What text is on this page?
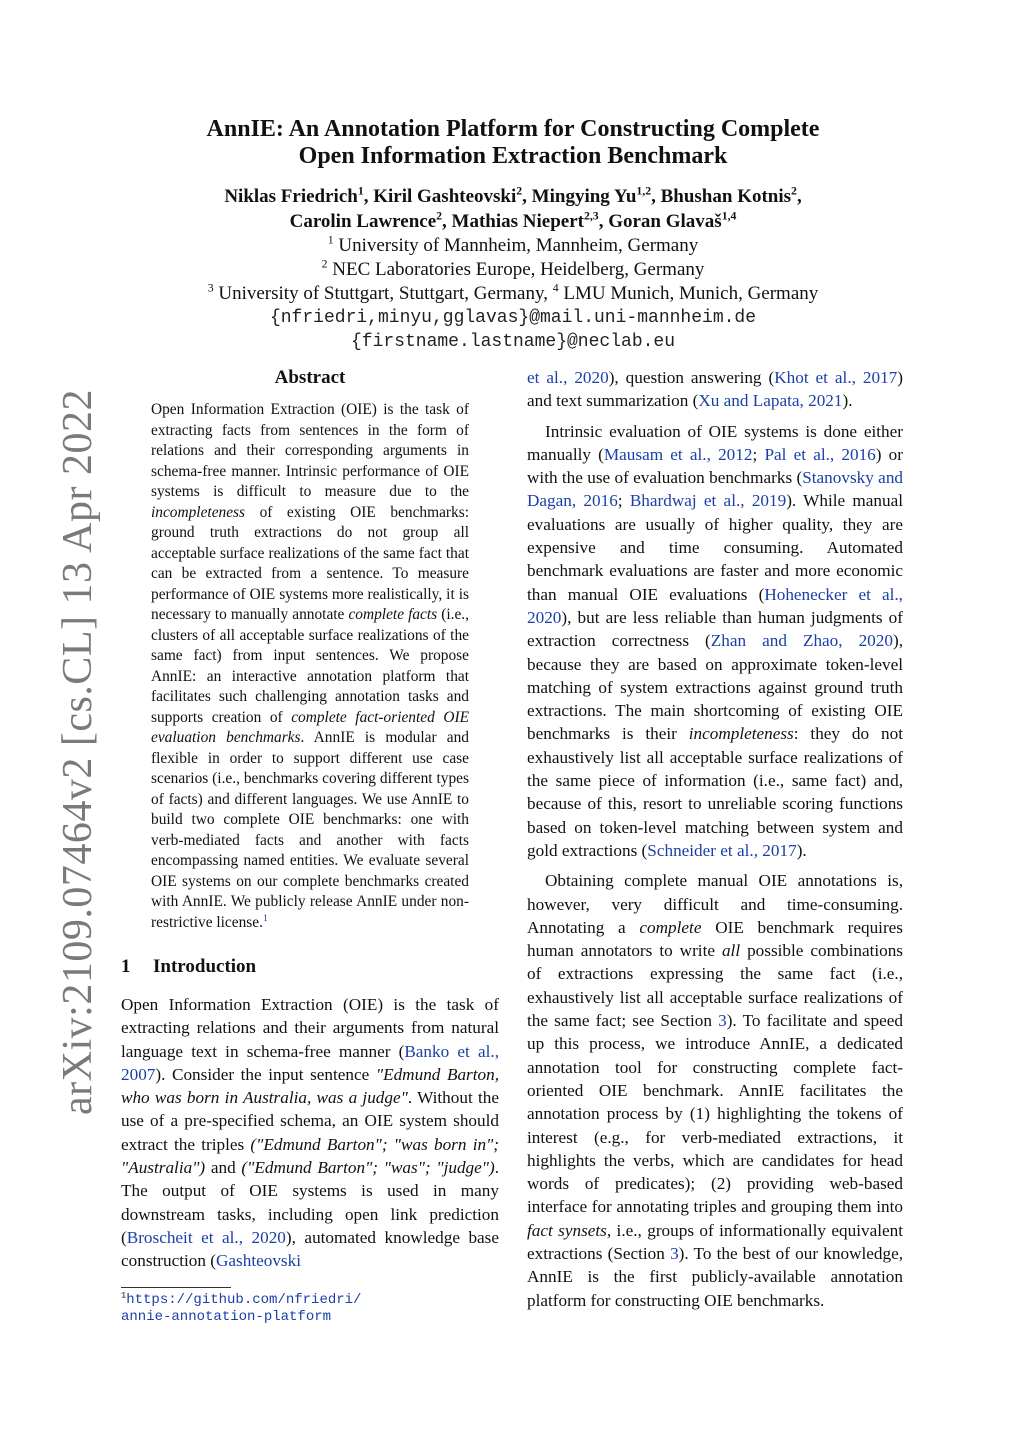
arXiv:2109.07464v2 [cs.CL] 13 Apr 2022
AnnIE: An Annotation Platform for Constructing Complete
Open Information Extraction Benchmark
Niklas Friedrich$^1$, Kiril Gashteovski$^2$, Mingying Yu$^{1,2}$, Bhushan Kotnis$^2$,
Carolin Lawrence$^2$, Mathias Niepert$^{2,3}$, Goran Glavaš$^{1,4}$
$^1$ University of Mannheim, Mannheim, Germany
$^2$ NEC Laboratories Europe, Heidelberg, Germany
$^3$ University of Stuttgart, Stuttgart, Germany, $^4$ LMU Munich, Munich, Germany
{nfriedri,minyu,gglavas}@mail.uni-mannheim.de
{firstname.lastname}@neclab.eu
Abstract
Open Information Extraction (OIE) is the task of extracting facts from sentences in the form of relations and their corresponding arguments in schema-free manner. Intrinsic performance of OIE systems is difficult to measure due to the incompleteness of existing OIE benchmarks: ground truth extractions do not group all acceptable surface realizations of the same fact that can be extracted from a sentence. To measure performance of OIE systems more realistically, it is necessary to manually annotate complete facts (i.e., clusters of all acceptable surface realizations of the same fact) from input sentences. We propose AnnIE: an interactive annotation platform that facilitates such challenging annotation tasks and supports creation of complete fact-oriented OIE evaluation benchmarks. AnnIE is modular and flexible in order to support different use case scenarios (i.e., benchmarks covering different types of facts) and different languages. We use AnnIE to build two complete OIE benchmarks: one with verb-mediated facts and another with facts encompassing named entities. We evaluate several OIE systems on our complete benchmarks created with AnnIE. We publicly release AnnIE under non-restrictive license.$^1$
1 Introduction

Open Information Extraction (OIE) is the task of extracting relations and their arguments from natural language text in schema-free manner (Banko et al., 2007). Consider the input sentence "Edmund Barton, who was born in Australia, was a judge". Without the use of a pre-specified schema, an OIE system should extract the triples ("Edmund Barton"; "was born in"; "Australia") and ("Edmund Barton"; "was"; "judge"). The output of OIE systems is used in many downstream tasks, including open link prediction (Broscheit et al., 2020), automated knowledge base construction (Gashteovski

$^1$https://github.com/nfriedri/
annie-annotation-platform

et al., 2020), question answering (Khot et al., 2017) and text summarization (Xu and Lapata, 2021).

Intrinsic evaluation of OIE systems is done either manually (Mausam et al., 2012; Pal et al., 2016) or with the use of evaluation benchmarks (Stanovsky and Dagan, 2016; Bhardwaj et al., 2019). While manual evaluations are usually of higher quality, they are expensive and time consuming. Automated benchmark evaluations are faster and more economic than manual OIE evaluations (Hohenecker et al., 2020), but are less reliable than human judgments of extraction correctness (Zhan and Zhao, 2020), because they are based on approximate token-level matching of system extractions against ground truth extractions. The main shortcoming of existing OIE benchmarks is their incompleteness: they do not exhaustively list all acceptable surface realizations of the same piece of information (i.e., same fact) and, because of this, resort to unreliable scoring functions based on token-level matching between system and gold extractions (Schneider et al., 2017).

Obtaining complete manual OIE annotations is, however, very difficult and time-consuming. Annotating a complete OIE benchmark requires human annotators to write all possible combinations of extractions expressing the same fact (i.e., exhaustively list all acceptable surface realizations of the same fact; see Section 3). To facilitate and speed up this process, we introduce AnnIE, a dedicated annotation tool for constructing complete fact-oriented OIE benchmark. AnnIE facilitates the annotation process by (1) highlighting the tokens of interest (e.g., for verb-mediated extractions, it highlights the verbs, which are candidates for head words of predicates); (2) providing web-based interface for annotating triples and grouping them into fact synsets, i.e., groups of informationally equivalent extractions (Section 3). To the best of our knowledge, AnnIE is the first publicly-available annotation platform for constructing OIE benchmarks.
